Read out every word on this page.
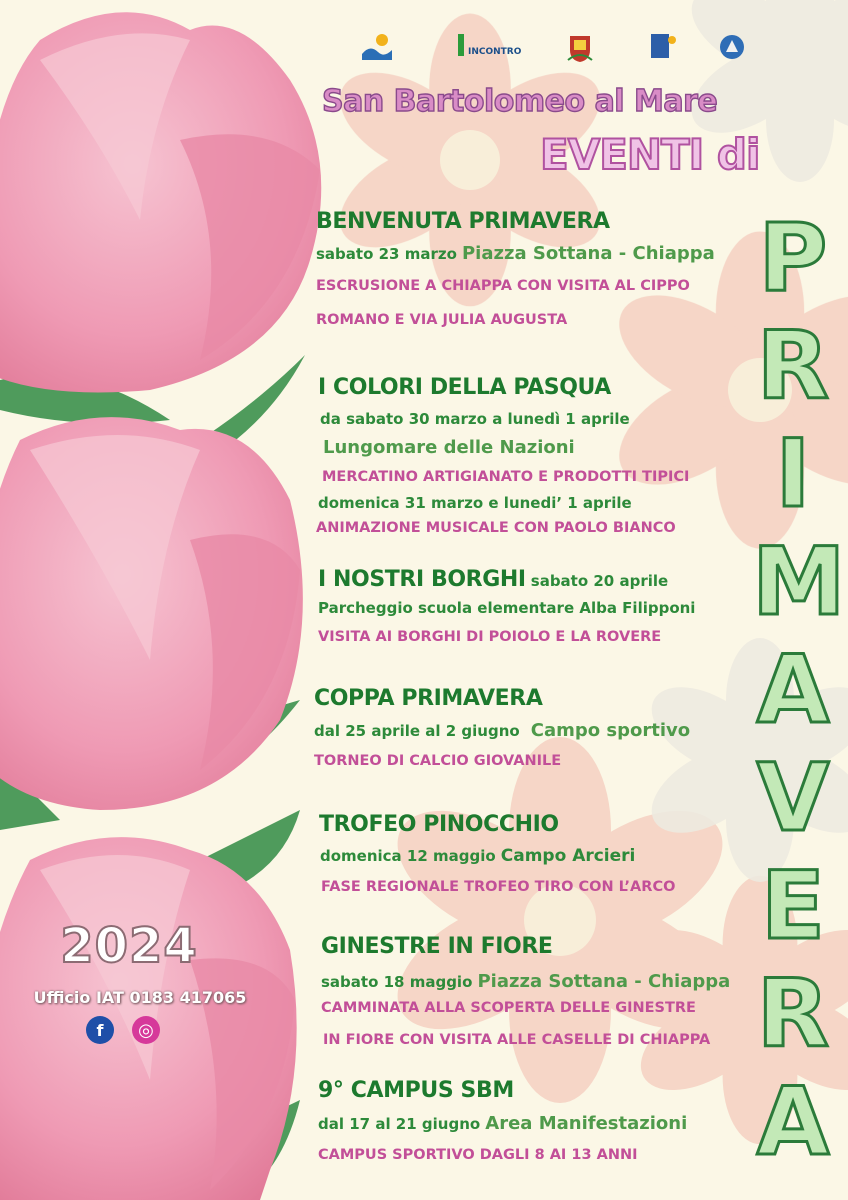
INCONTRO
San Bartolomeo al Mare
EVENTI di
P
R
I
M
A
V
E
R
A
BENVENUTA PRIMAVERA
sabato 23 marzo Piazza Sottana - Chiappa
ESCRUSIONE A CHIAPPA CON VISITA AL CIPPO
ROMANO E VIA JULIA AUGUSTA
I COLORI DELLA PASQUA
da sabato 30 marzo a lunedì 1 aprile
Lungomare delle Nazioni
MERCATINO ARTIGIANATO E PRODOTTI TIPICI
domenica 31 marzo e lunedi’ 1 aprile
ANIMAZIONE MUSICALE CON PAOLO BIANCO
I NOSTRI BORGHI sabato 20 aprile
Parcheggio scuola elementare Alba Filipponi
VISITA AI BORGHI DI POIOLO E LA ROVERE
COPPA PRIMAVERA
dal 25 aprile al 2 giugno Campo sportivo
TORNEO DI CALCIO GIOVANILE
TROFEO PINOCCHIO
domenica 12 maggio Campo Arcieri
FASE REGIONALE TROFEO TIRO CON L’ARCO
GINESTRE IN FIORE
sabato 18 maggio Piazza Sottana - Chiappa
CAMMINATA ALLA SCOPERTA DELLE GINESTRE
IN FIORE CON VISITA ALLE CASELLE DI CHIAPPA
9° CAMPUS SBM
dal 17 al 21 giugno Area Manifestazioni
CAMPUS SPORTIVO DAGLI 8 AI 13 ANNI
2024
Ufficio IAT 0183 417065
f	◎
